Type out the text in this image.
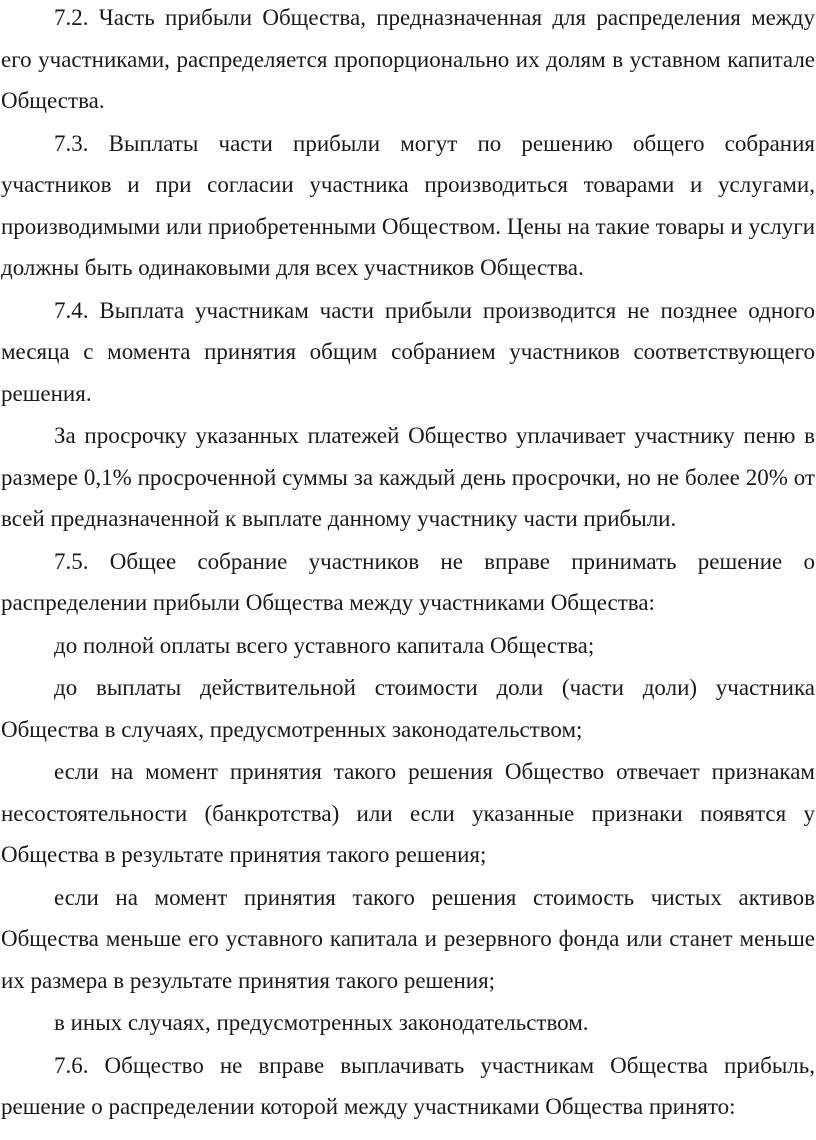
7.2. Часть прибыли Общества, предназначенная для распределения между его участниками, распределяется пропорционально их долям в уставном капитале Общества.

7.3. Выплаты части прибыли могут по решению общего собрания участников и при согласии участника производиться товарами и услугами, производимыми или приобретенными Обществом. Цены на такие товары и услуги должны быть одинаковыми для всех участников Общества.

7.4. Выплата участникам части прибыли производится не позднее одного месяца с момента принятия общим собранием участников соответствующего решения.

За просрочку указанных платежей Общество уплачивает участнику пеню в размере 0,1% просроченной суммы за каждый день просрочки, но не более 20% от всей предназначенной к выплате данному участнику части прибыли.

7.5. Общее собрание участников не вправе принимать решение о распределении прибыли Общества между участниками Общества:

до полной оплаты всего уставного капитала Общества;

до выплаты действительной стоимости доли (части доли) участника Общества в случаях, предусмотренных законодательством;

если на момент принятия такого решения Общество отвечает признакам несостоятельности (банкротства) или если указанные признаки появятся у Общества в результате принятия такого решения;

если на момент принятия такого решения стоимость чистых активов Общества меньше его уставного капитала и резервного фонда или станет меньше их размера в результате принятия такого решения;

в иных случаях, предусмотренных законодательством.

7.6. Общество не вправе выплачивать участникам Общества прибыль, решение о распределении которой между участниками Общества принято:
